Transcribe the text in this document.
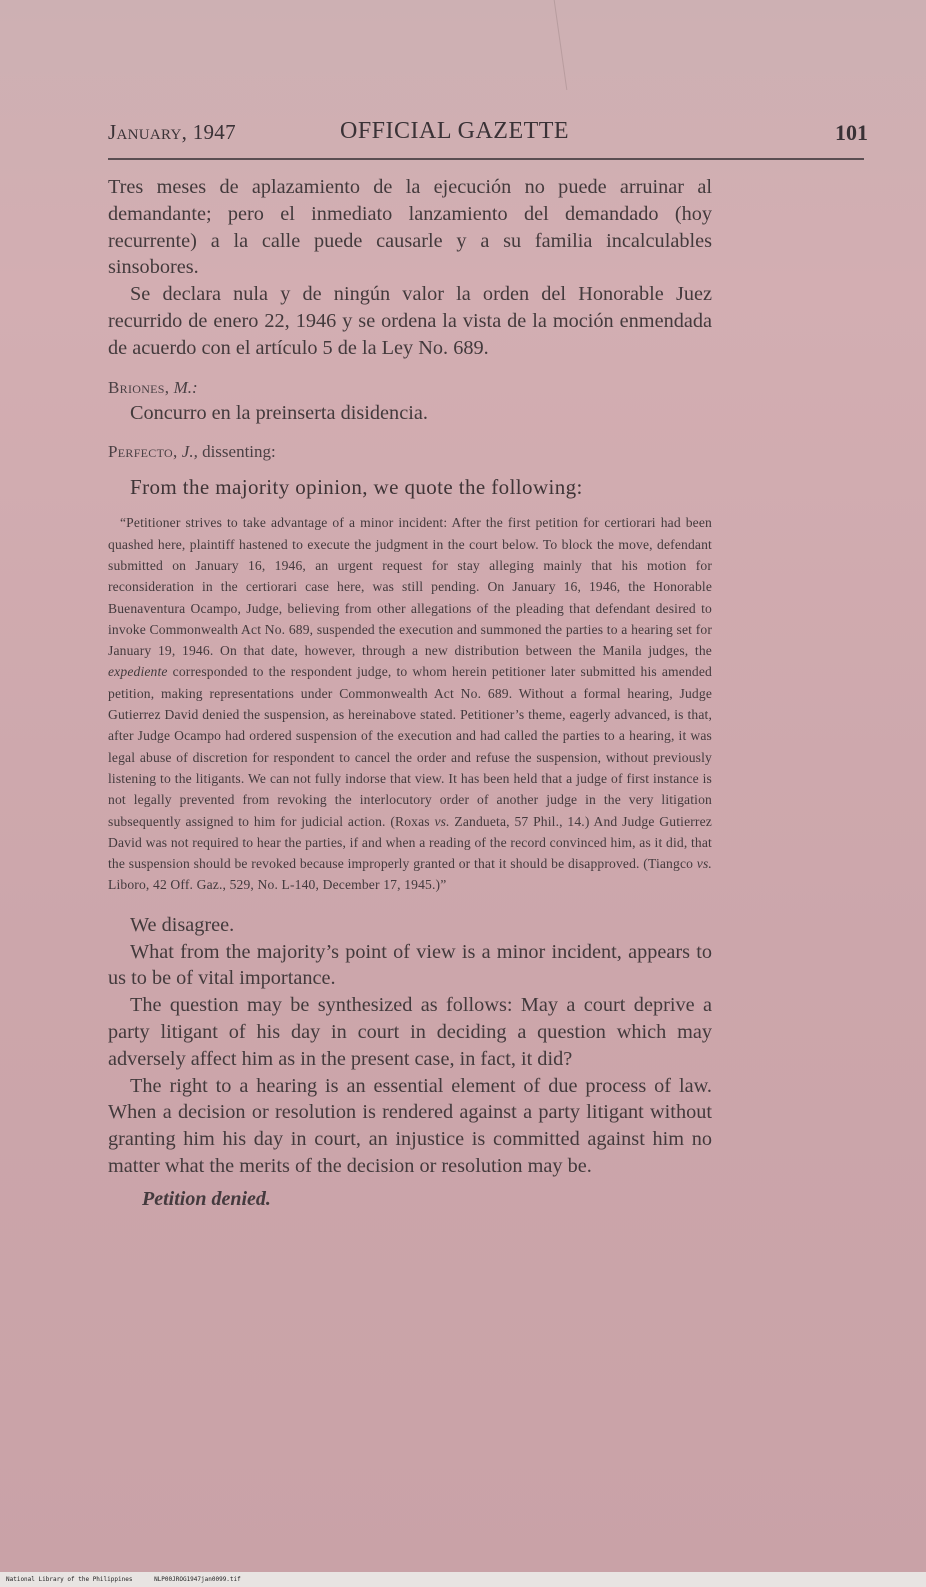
January, 1947	OFFICIAL GAZETTE	101

Tres meses de aplazamiento de la ejecución no puede arruinar al demandante; pero el inmediato lanzamiento del demandado (hoy recurrente) a la calle puede causarle y a su familia incalculables sinsobores.

Se declara nula y de ningún valor la orden del Honorable Juez recurrido de enero 22, 1946 y se ordena la vista de la moción enmendada de acuerdo con el artículo 5 de la Ley No. 689.

Briones, M.:

Concurro en la preinserta disidencia.

Perfecto, J., dissenting:

From the majority opinion, we quote the following:

“Petitioner strives to take advantage of a minor incident: After the first petition for certiorari had been quashed here, plaintiff hastened to execute the judgment in the court below. To block the move, defendant submitted on January 16, 1946, an urgent request for stay alleging mainly that his motion for reconsideration in the certiorari case here, was still pending. On January 16, 1946, the Honorable Buenaventura Ocampo, Judge, believing from other allegations of the pleading that defendant desired to invoke Commonwealth Act No. 689, suspended the execution and summoned the parties to a hearing set for January 19, 1946. On that date, however, through a new distribution between the Manila judges, the expediente corresponded to the respondent judge, to whom herein petitioner later submitted his amended petition, making representations under Commonwealth Act No. 689. Without a formal hearing, Judge Gutierrez David denied the suspension, as hereinabove stated. Petitioner’s theme, eagerly advanced, is that, after Judge Ocampo had ordered suspension of the execution and had called the parties to a hearing, it was legal abuse of discretion for respondent to cancel the order and refuse the suspension, without previously listening to the litigants. We can not fully indorse that view. It has been held that a judge of first instance is not legally prevented from revoking the interlocutory order of another judge in the very litigation subsequently assigned to him for judicial action. (Roxas vs. Zandueta, 57 Phil., 14.) And Judge Gutierrez David was not required to hear the parties, if and when a reading of the record convinced him, as it did, that the suspension should be revoked because improperly granted or that it should be disapproved. (Tiangco vs. Liboro, 42 Off. Gaz., 529, No. L-140, December 17, 1945.)”

We disagree.

What from the majority’s point of view is a minor incident, appears to us to be of vital importance.

The question may be synthesized as follows: May a court deprive a party litigant of his day in court in deciding a question which may adversely affect him as in the present case, in fact, it did?

The right to a hearing is an essential element of due process of law. When a decision or resolution is rendered against a party litigant without granting him his day in court, an injustice is committed against him no matter what the merits of the decision or resolution may be.

Petition denied.

National Library of the Philippines	NLP00JROG1947jan0099.tif
